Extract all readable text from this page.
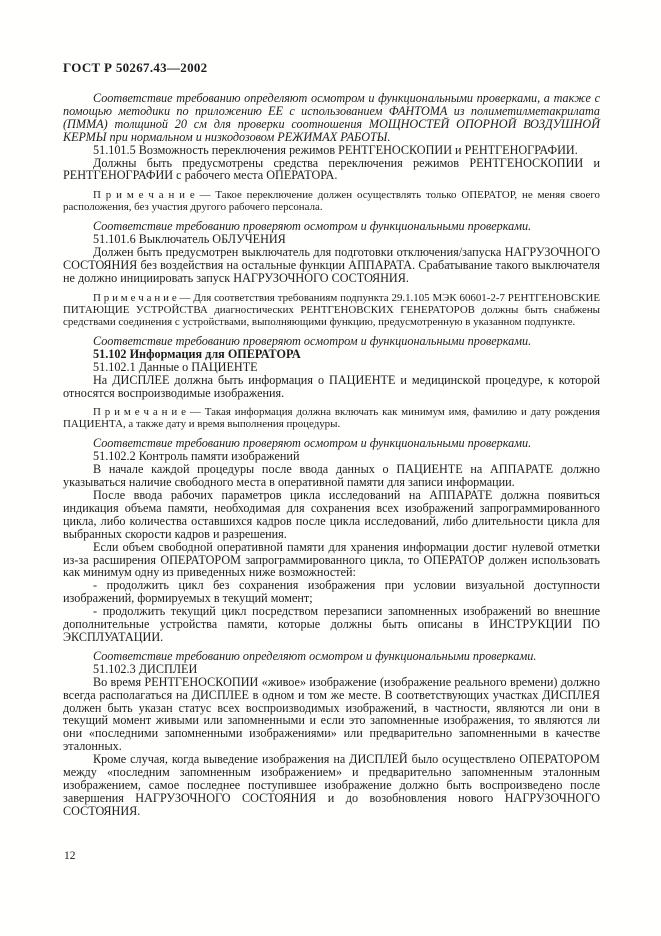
ГОСТ Р 50267.43—2002

Соответствие требованию определяют осмотром и функциональными проверками, а также с помощью методики по приложению ЕЕ с использованием ФАНТОМА из полиметилметакрилата (ПММА) толщиной 20 см для проверки соотношения МОЩНОСТЕЙ ОПОРНОЙ ВОЗДУШНОЙ КЕРМЫ при нормальном и низкодозовом РЕЖИМАХ РАБОТЫ.

51.101.5 Возможность переключения режимов РЕНТГЕНОСКОПИИ и РЕНТГЕНОГРАФИИ.

Должны быть предусмотрены средства переключения режимов РЕНТГЕНОСКОПИИ и РЕНТГЕНОГРАФИИ с рабочего места ОПЕРАТОРА.

П р и м е ч а н и е — Такое переключение должен осуществлять только ОПЕРАТОР, не меняя своего расположения, без участия другого рабочего персонала.

Соответствие требованию проверяют осмотром и функциональными проверками.

51.101.6 Выключатель ОБЛУЧЕНИЯ

Должен быть предусмотрен выключатель для подготовки отключения/запуска НАГРУЗОЧНОГО СОСТОЯНИЯ без воздействия на остальные функции АППАРАТА. Срабатывание такого выключателя не должно инициировать запуск НАГРУЗОЧНОГО СОСТОЯНИЯ.

П р и м е ч а н и е — Для соответствия требованиям подпункта 29.1.105 МЭК 60601-2-7 РЕНТГЕНОВСКИЕ ПИТАЮЩИЕ УСТРОЙСТВА диагностических РЕНТГЕНОВСКИХ ГЕНЕРАТОРОВ должны быть снабжены средствами соединения с устройствами, выполняющими функцию, предусмотренную в указанном подпункте.

Соответствие требованию проверяют осмотром и функциональными проверками.

51.102 Информация для ОПЕРАТОРА

51.102.1 Данные о ПАЦИЕНТЕ

На ДИСПЛЕЕ должна быть информация о ПАЦИЕНТЕ и медицинской процедуре, к которой относятся воспроизводимые изображения.

П р и м е ч а н и е — Такая информация должна включать как минимум имя, фамилию и дату рождения ПАЦИЕНТА, а также дату и время выполнения процедуры.

Соответствие требованию проверяют осмотром и функциональными проверками.

51.102.2 Контроль памяти изображений

В начале каждой процедуры после ввода данных о ПАЦИЕНТЕ на АППАРАТЕ должно указываться наличие свободного места в оперативной памяти для записи информации.

После ввода рабочих параметров цикла исследований на АППАРАТЕ должна появиться индикация объема памяти, необходимая для сохранения всех изображений запрограммированного цикла, либо количества оставшихся кадров после цикла исследований, либо длительности цикла для выбранных скорости кадров и разрешения.

Если объем свободной оперативной памяти для хранения информации достиг нулевой отметки из-за расширения ОПЕРАТОРОМ запрограммированного цикла, то ОПЕРАТОР должен использовать как минимум одну из приведенных ниже возможностей:

- продолжить цикл без сохранения изображения при условии визуальной доступности изображений, формируемых в текущий момент;

- продолжить текущий цикл посредством перезаписи запомненных изображений во внешние дополнительные устройства памяти, которые должны быть описаны в ИНСТРУКЦИИ ПО ЭКСПЛУАТАЦИИ.

Соответствие требованию определяют осмотром и функциональными проверками.

51.102.3 ДИСПЛЕИ

Во время РЕНТГЕНОСКОПИИ «живое» изображение (изображение реального времени) должно всегда располагаться на ДИСПЛЕЕ в одном и том же месте. В соответствующих участках ДИСПЛЕЯ должен быть указан статус всех воспроизводимых изображений, в частности, являются ли они в текущий момент живыми или запомненными и если это запомненные изображения, то являются ли они «последними запомненными изображениями» или предварительно запомненными в качестве эталонных.

Кроме случая, когда выведение изображения на ДИСПЛЕЙ было осуществлено ОПЕРАТОРОМ между «последним запомненным изображением» и предварительно запомненным эталонным изображением, самое последнее поступившее изображение должно быть воспроизведено после завершения НАГРУЗОЧНОГО СОСТОЯНИЯ и до возобновления нового НАГРУЗОЧНОГО СОСТОЯНИЯ.

12
